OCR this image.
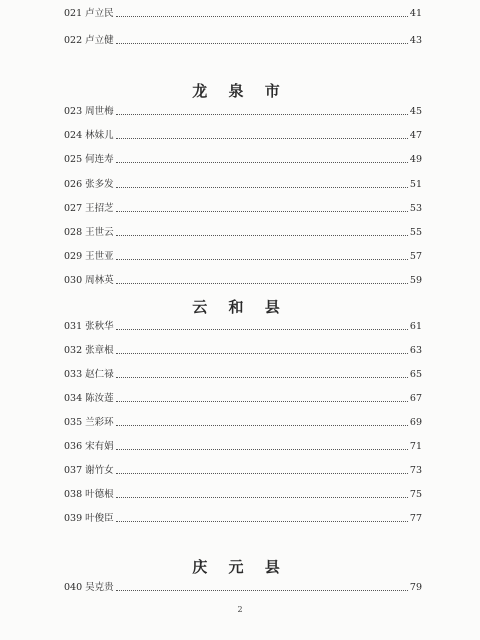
021 卢立民	41
022 卢立健	43
龙 泉 市
023 周世梅	45
024 林妹儿	47
025 何连寿	49
026 张多发	51
027 王招芝	53
028 王世云	55
029 王世亚	57
030 周林英	59
云 和 县
031 张秋华	61
032 张章根	63
033 赵仁禄	65
034 陈汝莲	67
035 兰彩环	69
036 宋有娟	71
037 谢竹女	73
038 叶德根	75
039 叶俊臣	77
庆 元 县
040 吴克贵	79
2
